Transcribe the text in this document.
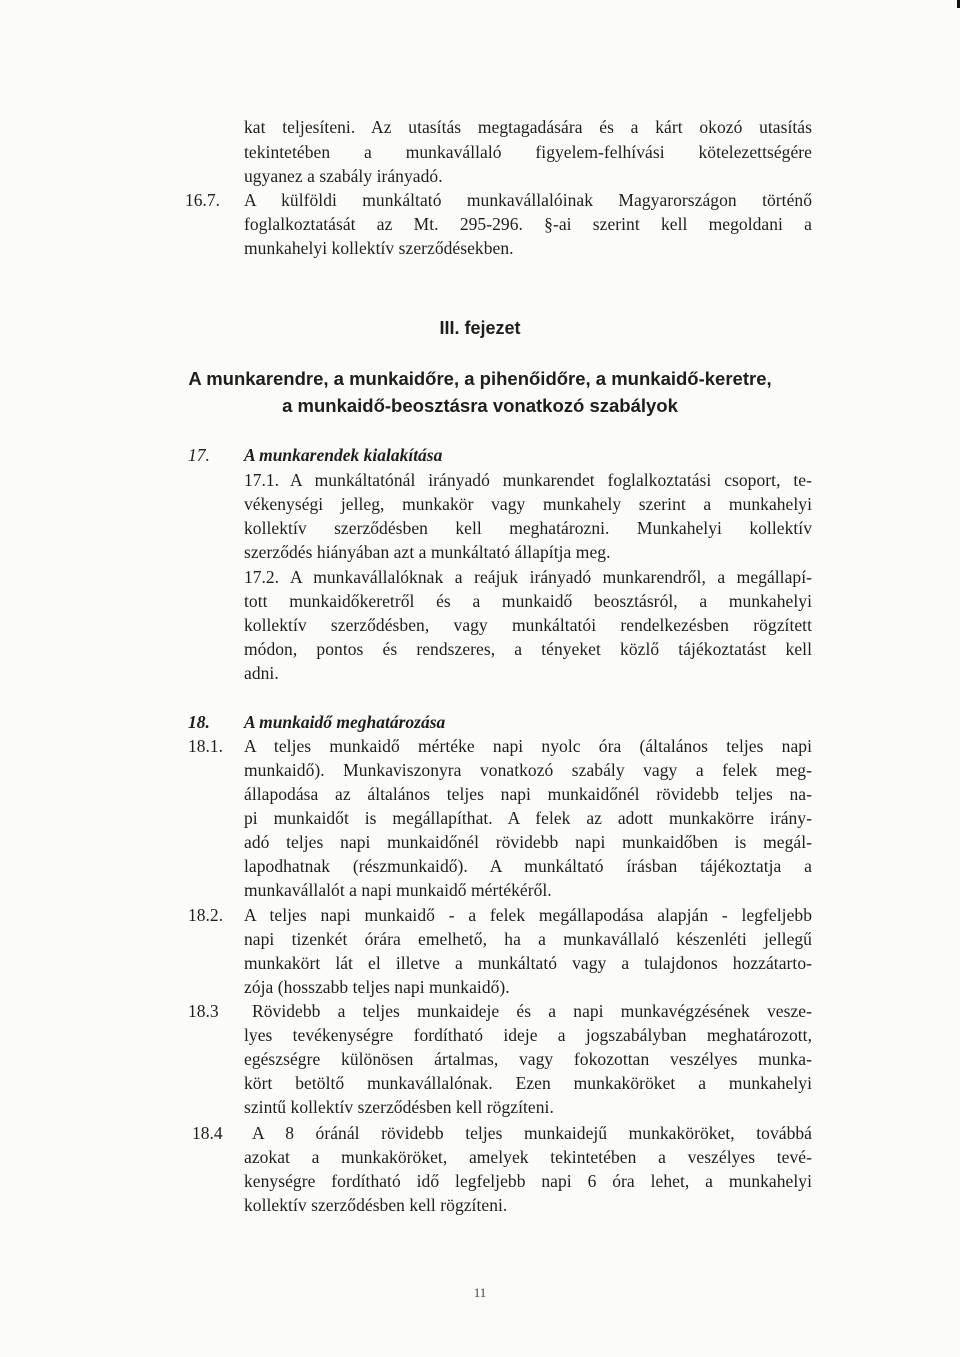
kat teljesíteni. Az utasítás megtagadására és a kárt okozó utasítás
tekintetében a munkavállaló figyelem-felhívási kötelezettségére
ugyanez a szabály irányadó.
16.7. A külföldi munkáltató munkavállalóinak Magyarországon történő
foglalkoztatását az Mt. 295-296. §-ai szerint kell megoldani a
munkahelyi kollektív szerződésekben.
III. fejezet
A munkarendre, a munkaidőre, a pihenőidőre, a munkaidő-keretre,
a munkaidő-beosztásra vonatkozó szabályok
17. A munkarendek kialakítása
17.1. A munkáltatónál irányadó munkarendet foglalkoztatási csoport, te-
vékenységi jelleg, munkakör vagy munkahely szerint a munkahelyi
kollektív szerződésben kell meghatározni. Munkahelyi kollektív
szerződés hiányában azt a munkáltató állapítja meg.
17.2. A munkavállalóknak a reájuk irányadó munkarendről, a megállapí-
tott munkaidőkeretről és a munkaidő beosztásról, a munkahelyi
kollektív szerződésben, vagy munkáltatói rendelkezésben rögzített
módon, pontos és rendszeres, a tényeket közlő tájékoztatást kell
adni.
18. A munkaidő meghatározása
18.1. A teljes munkaidő mértéke napi nyolc óra (általános teljes napi
munkaidő). Munkaviszonyra vonatkozó szabály vagy a felek meg-
állapodása az általános teljes napi munkaidőnél rövidebb teljes na-
pi munkaidőt is megállapíthat. A felek az adott munkakörre irány-
adó teljes napi munkaidőnél rövidebb napi munkaidőben is megál-
lapodhatnak (részmunkaidő). A munkáltató írásban tájékoztatja a
munkavállalót a napi munkaidő mértékéről.
18.2. A teljes napi munkaidő - a felek megállapodása alapján - legfeljebb
napi tizenkét órára emelhető, ha a munkavállaló készenléti jellegű
munkakört lát el illetve a munkáltató vagy a tulajdonos hozzátarto-
zója (hosszabb teljes napi munkaidő).
18.3 Rövidebb a teljes munkaideje és a napi munkavégzésének vesze-
lyes tevékenységre fordítható ideje a jogszabályban meghatározott,
egészségre különösen ártalmas, vagy fokozottan veszélyes munka-
kört betöltő munkavállalónak. Ezen munkaköröket a munkahelyi
szintű kollektív szerződésben kell rögzíteni.
18.4 A 8 óránál rövidebb teljes munkaidejű munkaköröket, továbbá
azokat a munkaköröket, amelyek tekintetében a veszélyes tevé-
kenységre fordítható idő legfeljebb napi 6 óra lehet, a munkahelyi
kollektív szerződésben kell rögzíteni.
11
